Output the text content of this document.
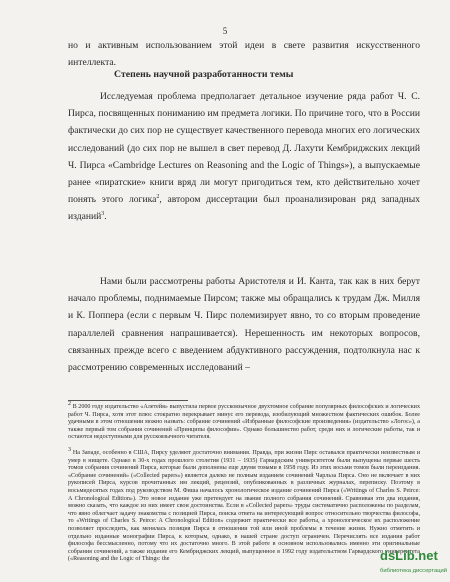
5

но и активным использованием этой идеи в свете развития искусственного интеллекта.

Степень научной разработанности темы

Исследуемая проблема предполагает детальное изучение ряда работ Ч. С. Пирса, посвященных пониманию им предмета логики. По причине того, что в России фактически до сих пор не существует качественного перевода многих его логических исследований (до сих пор не вышел в свет перевод Д. Лахути Кембриджских лекций Ч. Пирса «Cambridge Lectures on Reasoning and the Logic of Things»), а выпускаемые ранее «пиратские» книги вряд ли могут пригодиться тем, кто действительно хочет понять этого логика$^2$, автором диссертации был проанализирован ряд западных изданий$^3$.

Нами были рассмотрены работы Аристотеля и И. Канта, так как в них берут начало проблемы, поднимаемые Пирсом; также мы обращались к трудам Дж. Милля и К. Поппера (если с первым Ч. Пирс полемизирует явно, то со вторым проведение параллелей сравнения напрашивается). Нерешенность им некоторых вопросов, связанных прежде всего с введением абдуктивного рассуждения, подтолкнула нас к рассмотрению современных исследований –

2 В 2000 году издательство «Алетейя» выпустила первое русскоязычное двухтомное собрание популярных философских и логических работ Ч. Пирса, хотя этот плюс стократно перекрывает минус его перевода, изобилующий множеством фактических ошибок. Более удачными в этом отношении можно назвать: собрание сочинений «Избранные философские произведения» (издательство «Логос»), а также первый том собрания сочинений «Принципы философии». Однако большинство работ, среди них и логические работы, так и остаются недоступными для русскоязычного читателя.

3 На Западе, особенно в США, Пирсу уделяют достаточно внимания. Правда, при жизни Пирс оставался практически неизвестным и умер в нищете. Однако в 30-х годах прошлого столетия (1931 – 1935) Гарвардским университетом были выпущены первые шесть томов собрания сочинений Пирса, которые были дополнены еще двумя томами в 1958 году. Из этих восьми томов были переиздания. «Собрание сочинений» («Collected papers») является далеко не полным изданием сочинений Чарльза Пирса. Оно не включает в них рукописей Пирса, курсов прочитанных им лекций, рецензий, опубликованных в различных журналах, переписку. Поэтому в восьмидесятых годах под руководством М. Фиша началось хронологическое издание сочинений Пирса («Writings of Charles S. Peirce: A Chronological Edition»). Это новое издание уже претендует на звание полного собрания сочинений. Сравнивая эти два издания, можно сказать, что каждое из них имеет свои достоинства. Если в «Collected papers» труды систематично расположены по разделам, что явно облегчает задачу знакомства с позицией Пирса, поиска ответа на интересующий вопрос относительно творчества философа, то «Writings of Charles S. Peirce: A Chronological Edition» содержит практически все работы, а хронологическое их расположение позволяет проследить, как менялась позиция Пирса в отношении той или иной проблемы в течение жизни. Нужно отметить и отдельно изданные монографии Пирса, к которым, однако, в нашей стране доступ ограничен. Перечислять все издания работ философа бессмысленно, потому что их достаточно много. В этой работе в основном использовались именно эти оригинальные собрания сочинений, а также издание его Кембриджских лекций, выпущенное в 1992 году издательством Гарвардского университета («Reasoning and the Logic of Things: the	dsLib.net
библиотека диссертаций
